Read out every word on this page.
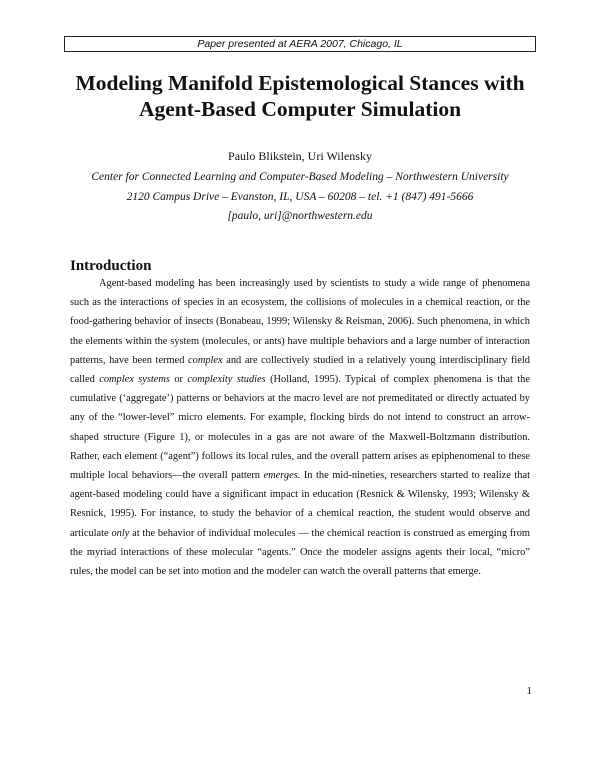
Paper presented at AERA 2007, Chicago, IL
Modeling Manifold Epistemological Stances with
Agent-Based Computer Simulation
Paulo Blikstein, Uri Wilensky
Center for Connected Learning and Computer-Based Modeling – Northwestern University
2120 Campus Drive – Evanston, IL, USA – 60208 – tel. +1 (847) 491-5666
[paulo, uri]@northwestern.edu
Introduction

Agent-based modeling has been increasingly used by scientists to study a wide range of phenomena such as the interactions of species in an ecosystem, the collisions of molecules in a chemical reaction, or the food-gathering behavior of insects (Bonabeau, 1999; Wilensky & Reisman, 2006). Such phenomena, in which the elements within the system (molecules, or ants) have multiple behaviors and a large number of interaction patterns, have been termed complex and are collectively studied in a relatively young interdisciplinary field called complex systems or complexity studies (Holland, 1995). Typical of complex phenomena is that the cumulative (‘aggregate’) patterns or behaviors at the macro level are not premeditated or directly actuated by any of the “lower-level” micro elements. For example, flocking birds do not intend to construct an arrow-shaped structure (Figure 1), or molecules in a gas are not aware of the Maxwell-Boltzmann distribution. Rather, each element (“agent”) follows its local rules, and the overall pattern arises as epiphenomenal to these multiple local behaviors—the overall pattern emerges. In the mid-nineties, researchers started to realize that agent-based modeling could have a significant impact in education (Resnick & Wilensky, 1993; Wilensky & Resnick, 1995). For instance, to study the behavior of a chemical reaction, the student would observe and articulate only at the behavior of individual molecules — the chemical reaction is construed as emerging from the myriad interactions of these molecular “agents.” Once the modeler assigns agents their local, “micro” rules, the model can be set into motion and the modeler can watch the overall patterns that emerge.

1
